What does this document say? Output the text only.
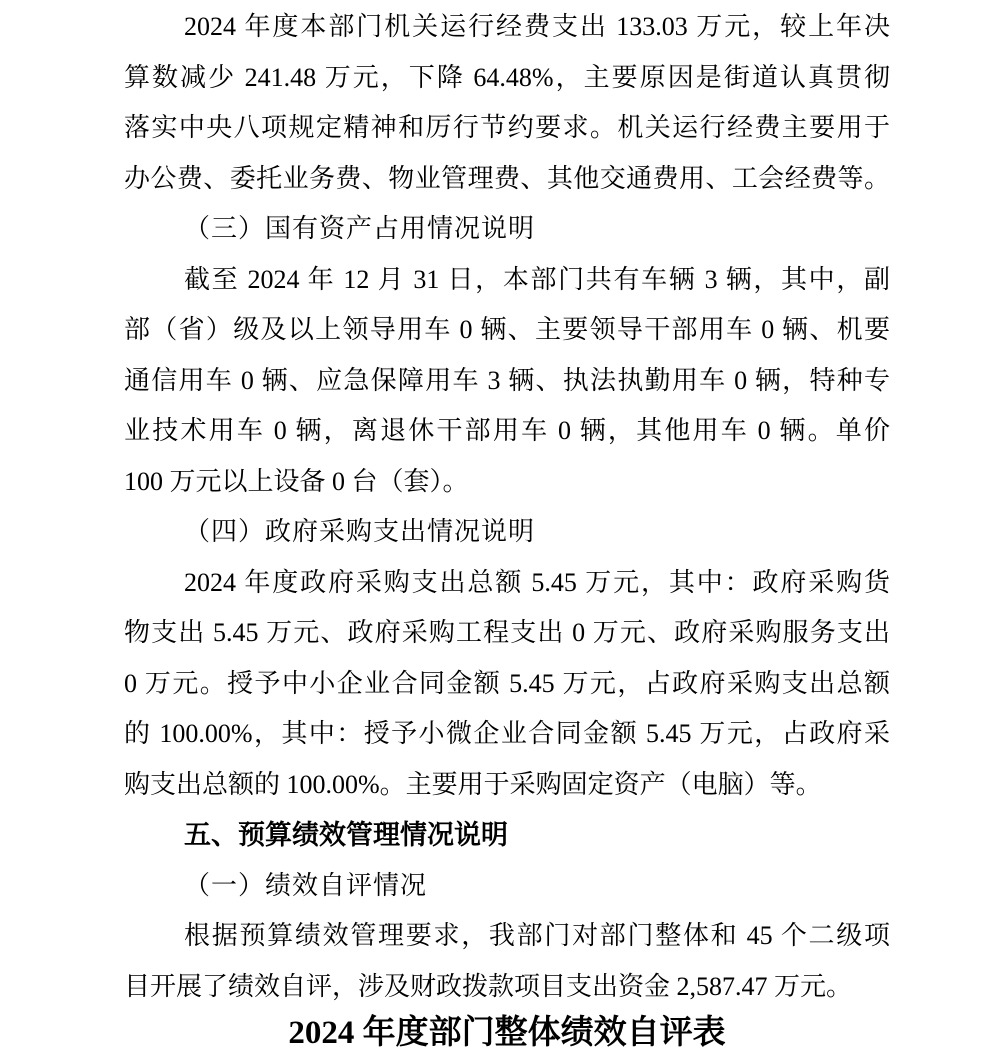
2024 年度本部门机关运行经费支出 133.03 万元，较上年决
算数减少 241.48 万元，下降 64.48%，主要原因是街道认真贯彻
落实中央八项规定精神和厉行节约要求。机关运行经费主要用于
办公费、委托业务费、物业管理费、其他交通费用、工会经费等。
（三）国有资产占用情况说明
截至 2024 年 12 月 31 日，本部门共有车辆 3 辆，其中，副
部（省）级及以上领导用车 0 辆、主要领导干部用车 0 辆、机要
通信用车 0 辆、应急保障用车 3 辆、执法执勤用车 0 辆，特种专
业技术用车 0 辆，离退休干部用车 0 辆，其他用车 0 辆。单价
100 万元以上设备 0 台（套）。
（四）政府采购支出情况说明
2024 年度政府采购支出总额 5.45 万元，其中：政府采购货
物支出 5.45 万元、政府采购工程支出 0 万元、政府采购服务支出
0 万元。授予中小企业合同金额 5.45 万元，占政府采购支出总额
的 100.00%，其中：授予小微企业合同金额 5.45 万元，占政府采
购支出总额的 100.00%。主要用于采购固定资产（电脑）等。
五、预算绩效管理情况说明
（一）绩效自评情况
根据预算绩效管理要求，我部门对部门整体和 45 个二级项
目开展了绩效自评，涉及财政拨款项目支出资金 2,587.47 万元。
2024 年度部门整体绩效自评表
